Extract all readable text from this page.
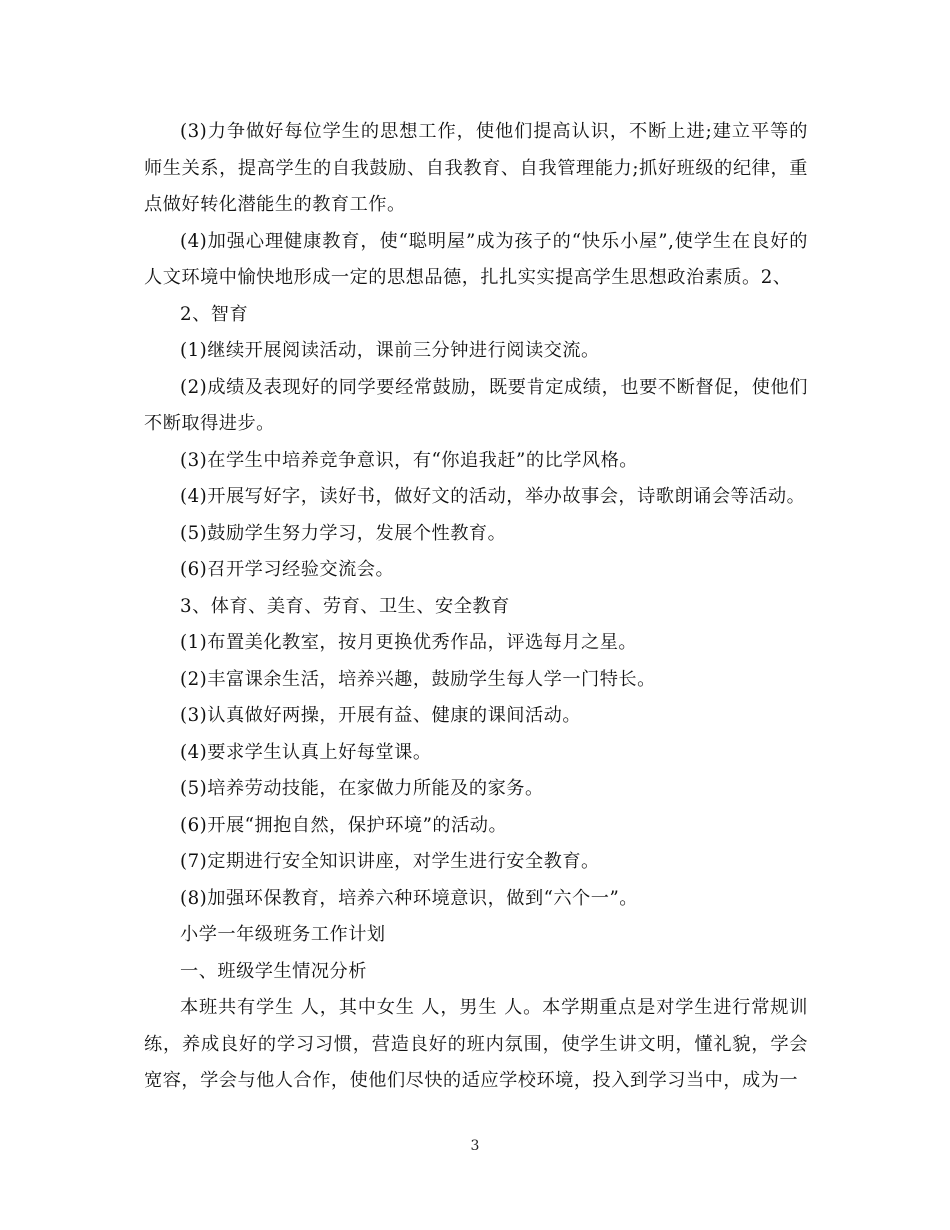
(3)力争做好每位学生的思想工作，使他们提高认识，不断上进;建立平等的师生关系，提高学生的自我鼓励、自我教育、自我管理能力;抓好班级的纪律，重点做好转化潜能生的教育工作。

(4)加强心理健康教育，使“聪明屋”成为孩子的“快乐小屋”,使学生在良好的人文环境中愉快地形成一定的思想品德，扎扎实实提高学生思想政治素质。2、

2、智育

(1)继续开展阅读活动，课前三分钟进行阅读交流。

(2)成绩及表现好的同学要经常鼓励，既要肯定成绩，也要不断督促，使他们不断取得进步。

(3)在学生中培养竞争意识，有“你追我赶”的比学风格。

(4)开展写好字，读好书，做好文的活动，举办故事会，诗歌朗诵会等活动。

(5)鼓励学生努力学习，发展个性教育。

(6)召开学习经验交流会。

3、体育、美育、劳育、卫生、安全教育

(1)布置美化教室，按月更换优秀作品，评选每月之星。

(2)丰富课余生活，培养兴趣，鼓励学生每人学一门特长。

(3)认真做好两操，开展有益、健康的课间活动。

(4)要求学生认真上好每堂课。

(5)培养劳动技能，在家做力所能及的家务。

(6)开展“拥抱自然，保护环境”的活动。

(7)定期进行安全知识讲座，对学生进行安全教育。

(8)加强环保教育，培养六种环境意识，做到“六个一”。

小学一年级班务工作计划

一、班级学生情况分析

本班共有学生 人，其中女生 人，男生 人。本学期重点是对学生进行常规训练，养成良好的学习习惯，营造良好的班内氛围，使学生讲文明，懂礼貌，学会宽容，学会与他人合作，使他们尽快的适应学校环境，投入到学习当中，成为一

3
